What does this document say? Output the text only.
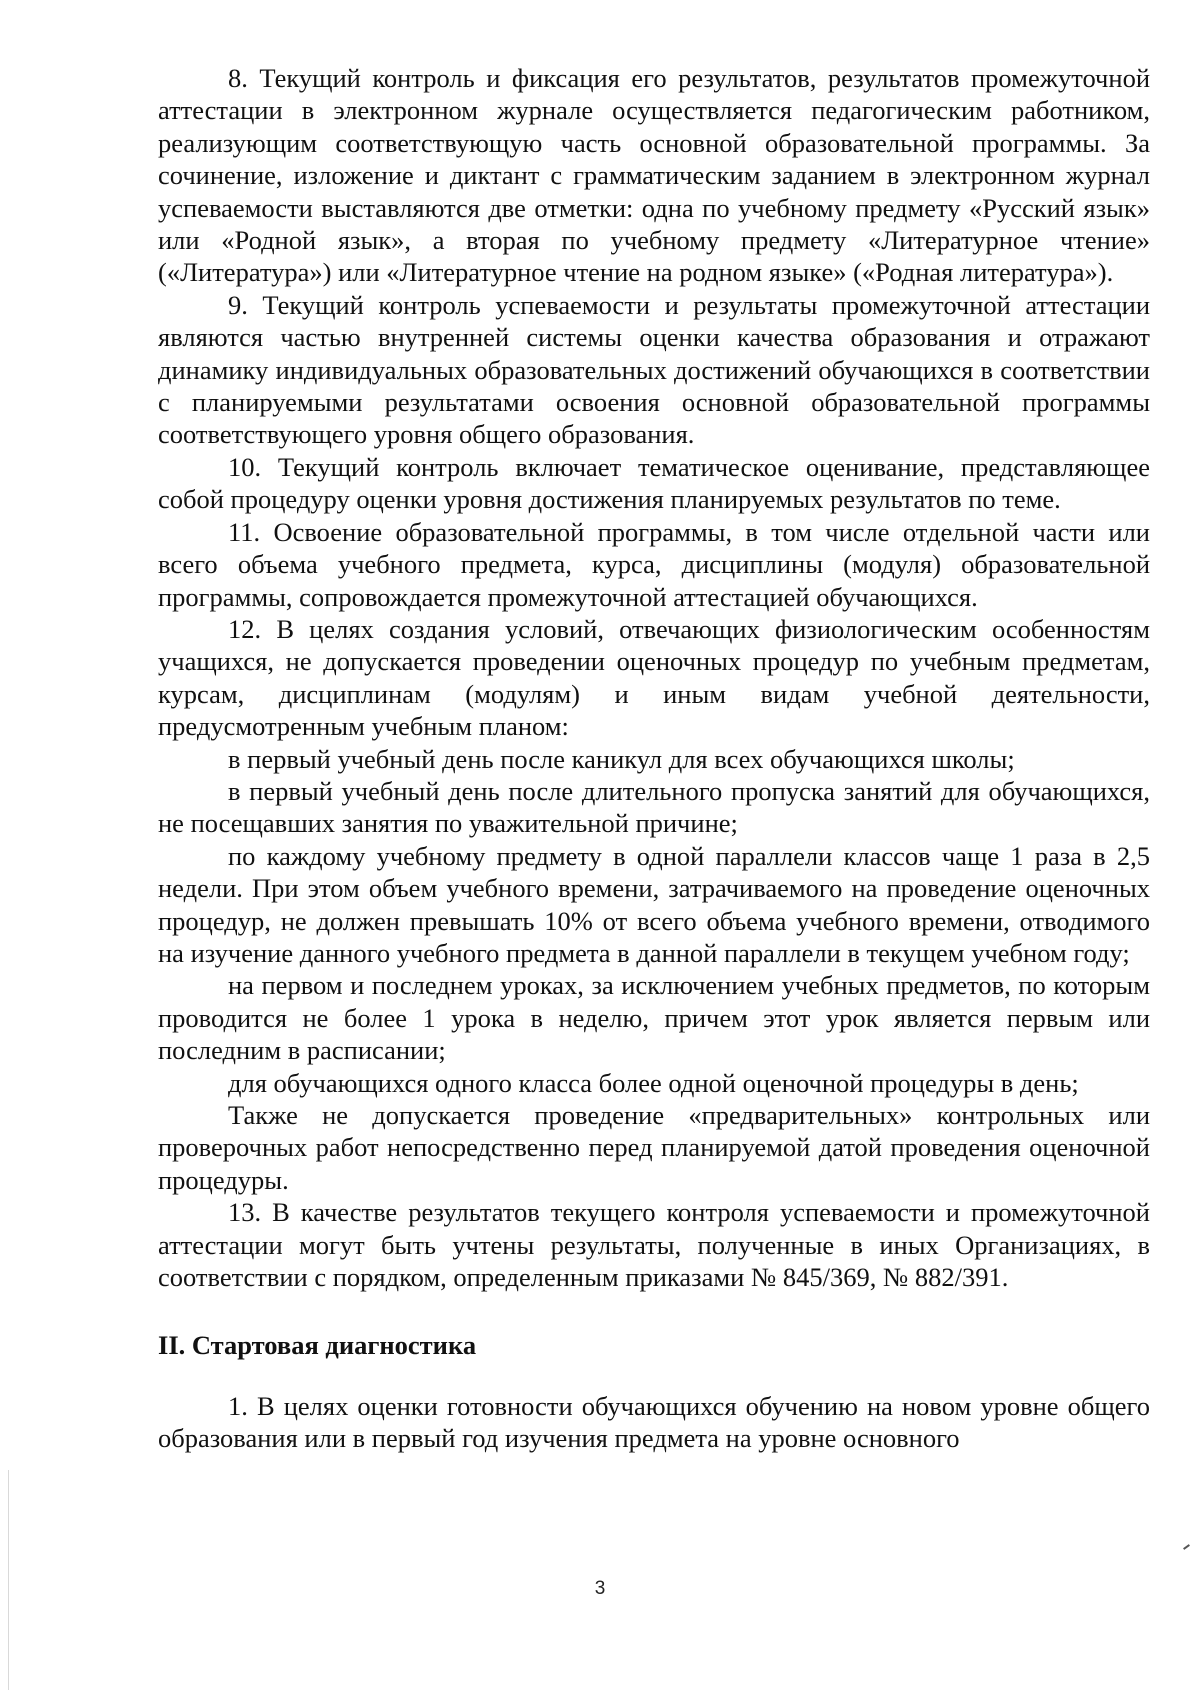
8. Текущий контроль и фиксация его результатов, результатов промежуточной аттестации в электронном журнале осуществляется педагогическим работником, реализующим соответствующую часть основной образовательной программы. За сочинение, изложение и диктант с грамматическим заданием в электронном журнал успеваемости выставляются две отметки: одна по учебному предмету «Русский язык» или «Родной язык», а вторая по учебному предмету «Литературное чтение» («Литература») или «Литературное чтение на родном языке» («Родная литература»).

9. Текущий контроль успеваемости и результаты промежуточной аттестации являются частью внутренней системы оценки качества образования и отражают динамику индивидуальных образовательных достижений обучающихся в соответствии с планируемыми результатами освоения основной образовательной программы соответствующего уровня общего образования.

10. Текущий контроль включает тематическое оценивание, представляющее собой процедуру оценки уровня достижения планируемых результатов по теме.

11. Освоение образовательной программы, в том числе отдельной части или всего объема учебного предмета, курса, дисциплины (модуля) образовательной программы, сопровождается промежуточной аттестацией обучающихся.

12. В целях создания условий, отвечающих физиологическим особенностям учащихся, не допускается проведении оценочных процедур по учебным предметам, курсам, дисциплинам (модулям) и иным видам учебной деятельности, предусмотренным учебным планом:

в первый учебный день после каникул для всех обучающихся школы;

в первый учебный день после длительного пропуска занятий для обучающихся, не посещавших занятия по уважительной причине;

по каждому учебному предмету в одной параллели классов чаще 1 раза в 2,5 недели. При этом объем учебного времени, затрачиваемого на проведение оценочных процедур, не должен превышать 10% от всего объема учебного времени, отводимого на изучение данного учебного предмета в данной параллели в текущем учебном году;

на первом и последнем уроках, за исключением учебных предметов, по которым проводится не более 1 урока в неделю, причем этот урок является первым или последним в расписании;

для обучающихся одного класса более одной оценочной процедуры в день;

Также не допускается проведение «предварительных» контрольных или проверочных работ непосредственно перед планируемой датой проведения оценочной процедуры.

13. В качестве результатов текущего контроля успеваемости и промежуточной аттестации могут быть учтены результаты, полученные в иных Организациях, в соответствии с порядком, определенным приказами № 845/369, № 882/391.

II. Стартовая диагностика

1. В целях оценки готовности обучающихся обучению на новом уровне общего образования или в первый год изучения предмета на уровне основного

3
